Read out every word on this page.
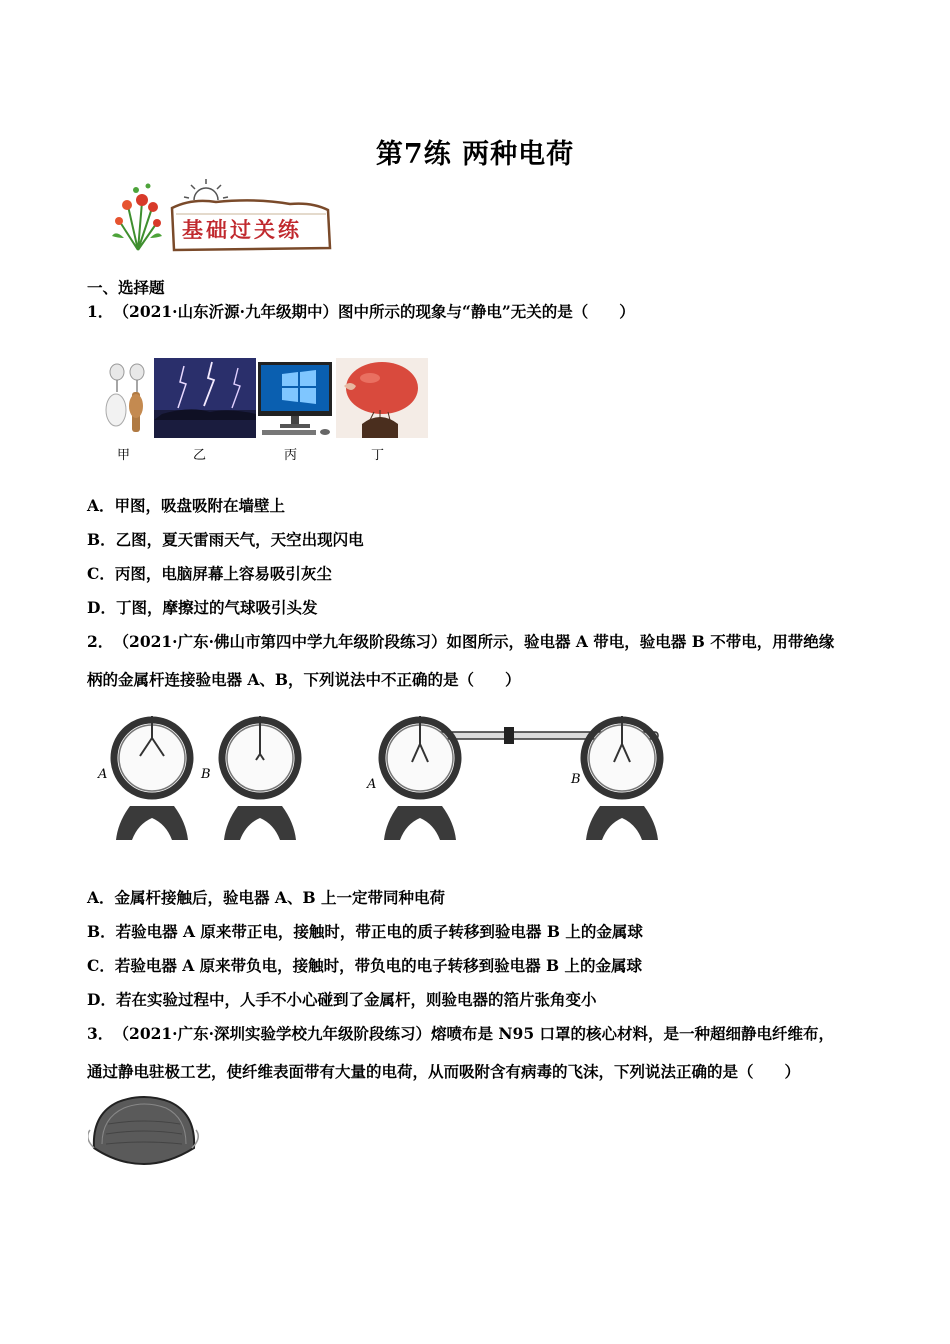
第7练 两种电荷
基础过关练
一、选择题
1． （2021·山东沂源·九年级期中）图中所示的现象与“静电”无关的是（　　）
甲	乙	丙	丁
A．甲图，吸盘吸附在墙壁上
B．乙图，夏天雷雨天气，天空出现闪电
C．丙图，电脑屏幕上容易吸引灰尘
D．丁图，摩擦过的气球吸引头发
2． （2021·广东·佛山市第四中学九年级阶段练习）如图所示，验电器 A 带电，验电器 B 不带电，用带绝缘
柄的金属杆连接验电器 A、B，下列说法中不正确的是（　　）
A	B
A	B
A．金属杆接触后，验电器 A、B 上一定带同种电荷
B．若验电器 A 原来带正电，接触时，带正电的质子转移到验电器 B 上的金属球
C．若验电器 A 原来带负电，接触时，带负电的电子转移到验电器 B 上的金属球
D．若在实验过程中，人手不小心碰到了金属杆，则验电器的箔片张角变小
3． （2021·广东·深圳实验学校九年级阶段练习）熔喷布是 N95 口罩的核心材料，是一种超细静电纤维布，
通过静电驻极工艺，使纤维表面带有大量的电荷，从而吸附含有病毒的飞沫，下列说法正确的是（　　）
